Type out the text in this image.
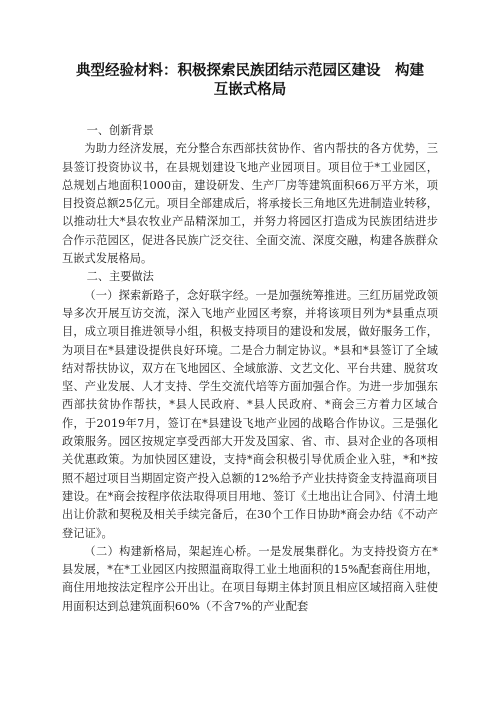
典型经验材料：积极探索民族团结示范园区建设　构建
互嵌式格局

一、创新背景

为助力经济发展，充分整合东西部扶贫协作、省内帮扶的各方优势，三县签订投资协议书，在县规划建设飞地产业园项目。项目位于*工业园区，总规划占地面积1000亩，建设研发、生产厂房等建筑面积66万平方米，项目投资总额25亿元。项目全部建成后，将承接长三角地区先进制造业转移，以推动壮大*县农牧业产品精深加工，并努力将园区打造成为民族团结进步合作示范园区，促进各民族广泛交往、全面交流、深度交融，构建各族群众互嵌式发展格局。

二、主要做法

（一）探索新路子，念好联字经。一是加强统筹推进。三红历届党政领导多次开展互访交流，深入飞地产业园区考察，并将该项目列为*县重点项目，成立项目推进领导小组，积极支持项目的建设和发展，做好服务工作，为项目在*县建设提供良好环境。二是合力制定协议。*县和*县签订了全域结对帮扶协议，双方在飞地园区、全域旅游、文艺文化、平台共建、脱贫攻坚、产业发展、人才支持、学生交流代培等方面加强合作。为进一步加强东西部扶贫协作帮扶，*县人民政府、*县人民政府、*商会三方着力区域合作，于2019年7月，签订在*县建设飞地产业园的战略合作协议。三是强化政策服务。园区按规定享受西部大开发及国家、省、市、县对企业的各项相关优惠政策。为加快园区建设，支持*商会积极引导优质企业入驻，*和*按照不超过项目当期固定资产投入总额的12%给予产业扶持资金支持温商项目建设。在*商会按程序依法取得项目用地、签订《土地出让合同》、付清土地出让价款和契税及相关手续完备后，在30个工作日协助*商会办结《不动产登记证》。

（二）构建新格局，架起连心桥。一是发展集群化。为支持投资方在*县发展，*在*工业园区内按照温商取得工业土地面积的15%配套商住用地，商住用地按法定程序公开出让。在项目每期主体封顶且相应区域招商入驻使用面积达到总建筑面积60%（不含7%的产业配套
